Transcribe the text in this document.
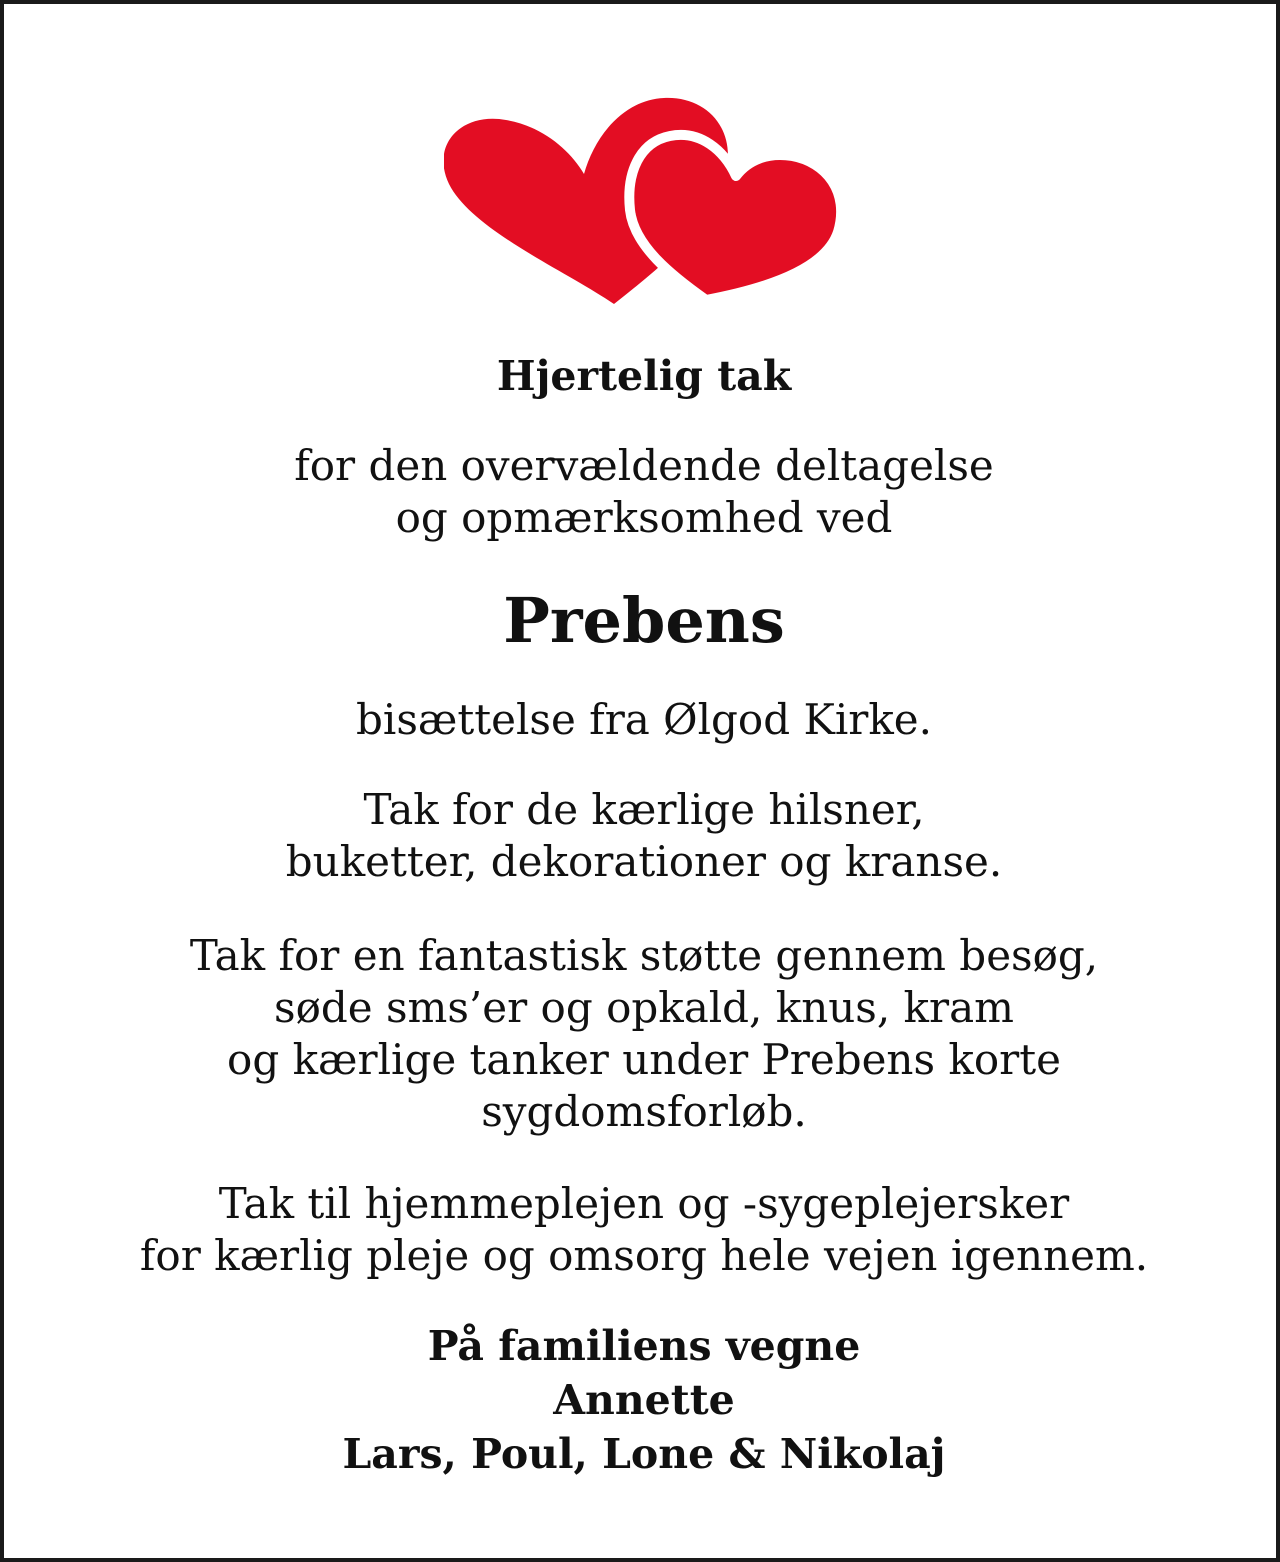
Hjertelig tak

for den overvældende deltagelse

og opmærksomhed ved

Prebens

bisættelse fra Ølgod Kirke.

Tak for de kærlige hilsner,

buketter, dekorationer og kranse.

Tak for en fantastisk støtte gennem besøg,

søde sms’er og opkald, knus, kram

og kærlige tanker under Prebens korte

sygdomsforløb.

Tak til hjemmeplejen og -sygeplejersker

for kærlig pleje og omsorg hele vejen igennem.

På familiens vegne

Annette

Lars, Poul, Lone & Nikolaj
